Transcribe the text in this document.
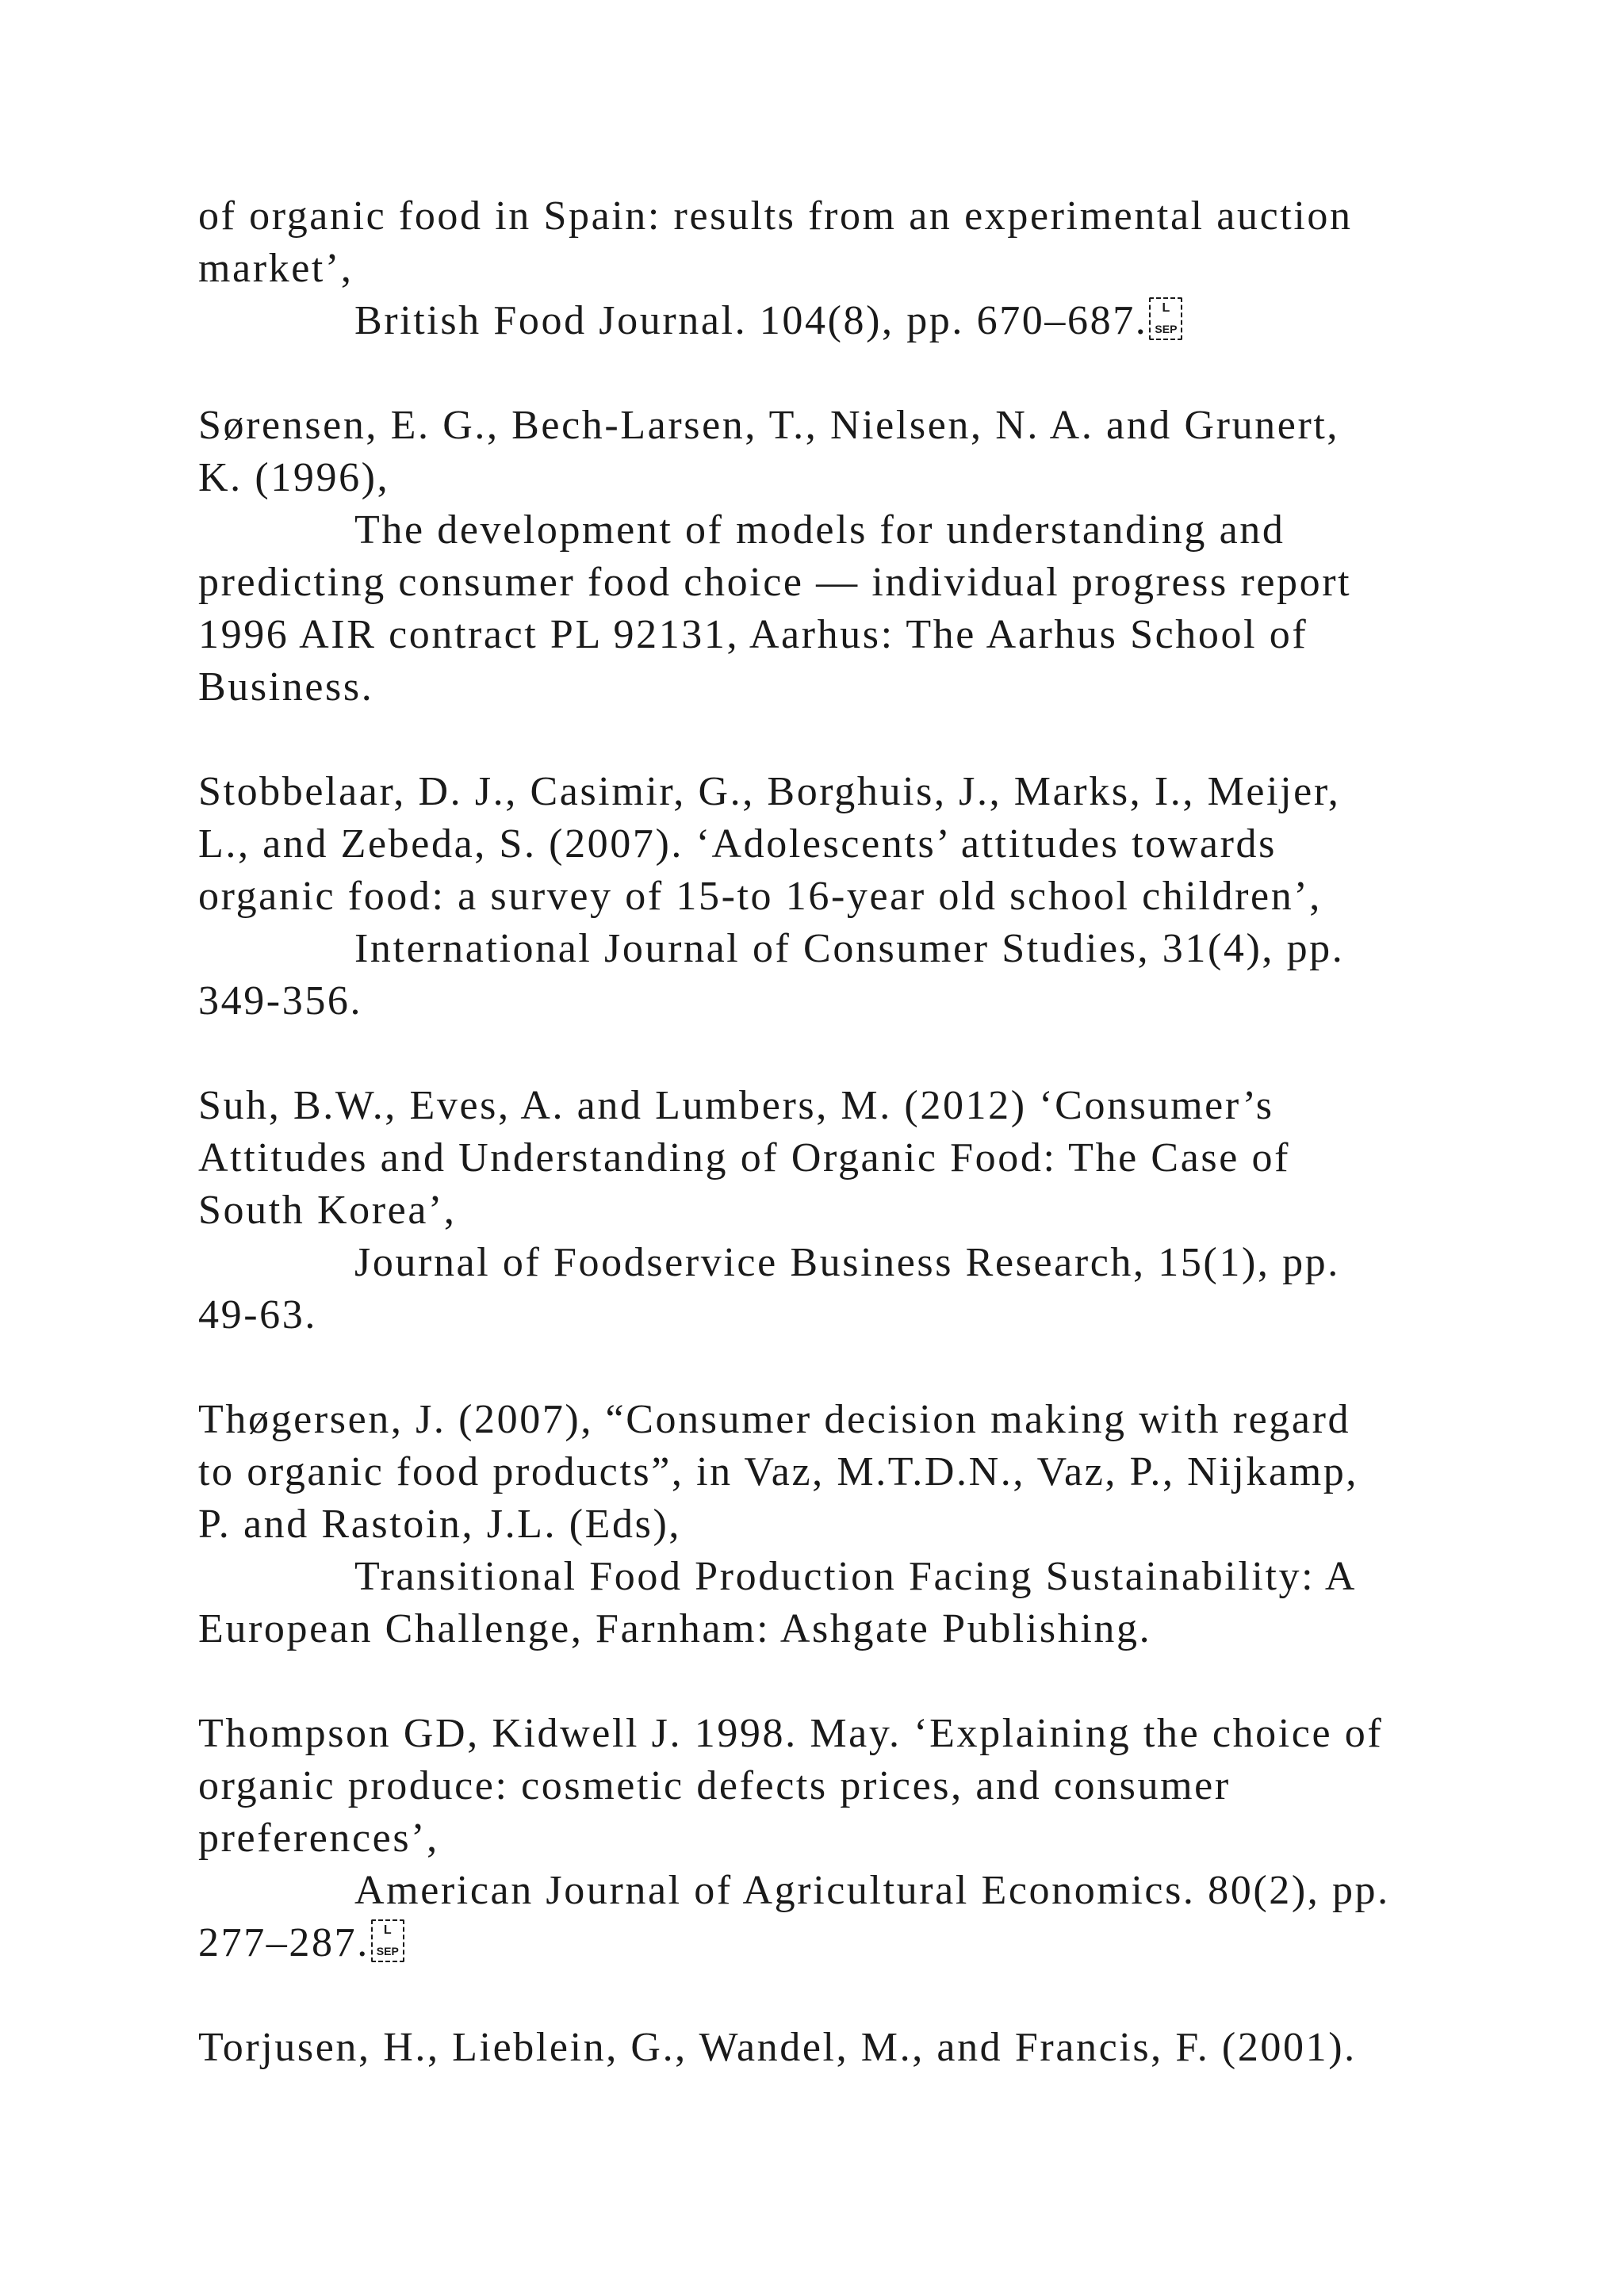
of organic food in Spain: results from an experimental auction
market’,
British Food Journal. 104(8), pp. 670–687.	L
SEP
Sørensen, E. G., Bech-Larsen, T., Nielsen, N. A. and Grunert,
K. (1996),
The development of models for understanding and
predicting consumer food choice — individual progress report
1996 AIR contract PL 92131, Aarhus: The Aarhus School of
Business.
Stobbelaar, D. J., Casimir, G., Borghuis, J., Marks, I., Meijer,
L., and Zebeda, S. (2007). ‘Adolescents’ attitudes towards
organic food: a survey of 15-to 16-year old school children’,
International Journal of Consumer Studies, 31(4), pp.
349-356.
Suh, B.W., Eves, A. and Lumbers, M. (2012) ‘Consumer’s
Attitudes and Understanding of Organic Food: The Case of
South Korea’,
Journal of Foodservice Business Research, 15(1), pp.
49-63.
Thøgersen, J. (2007), “Consumer decision making with regard
to organic food products”, in Vaz, M.T.D.N., Vaz, P., Nijkamp,
P. and Rastoin, J.L. (Eds),
Transitional Food Production Facing Sustainability: A
European Challenge, Farnham: Ashgate Publishing.
Thompson GD, Kidwell J. 1998. May. ‘Explaining the choice of
organic produce: cosmetic defects prices, and consumer
preferences’,
American Journal of Agricultural Economics. 80(2), pp.
277–287.	L
SEP
Torjusen, H., Lieblein, G., Wandel, M., and Francis, F. (2001).
